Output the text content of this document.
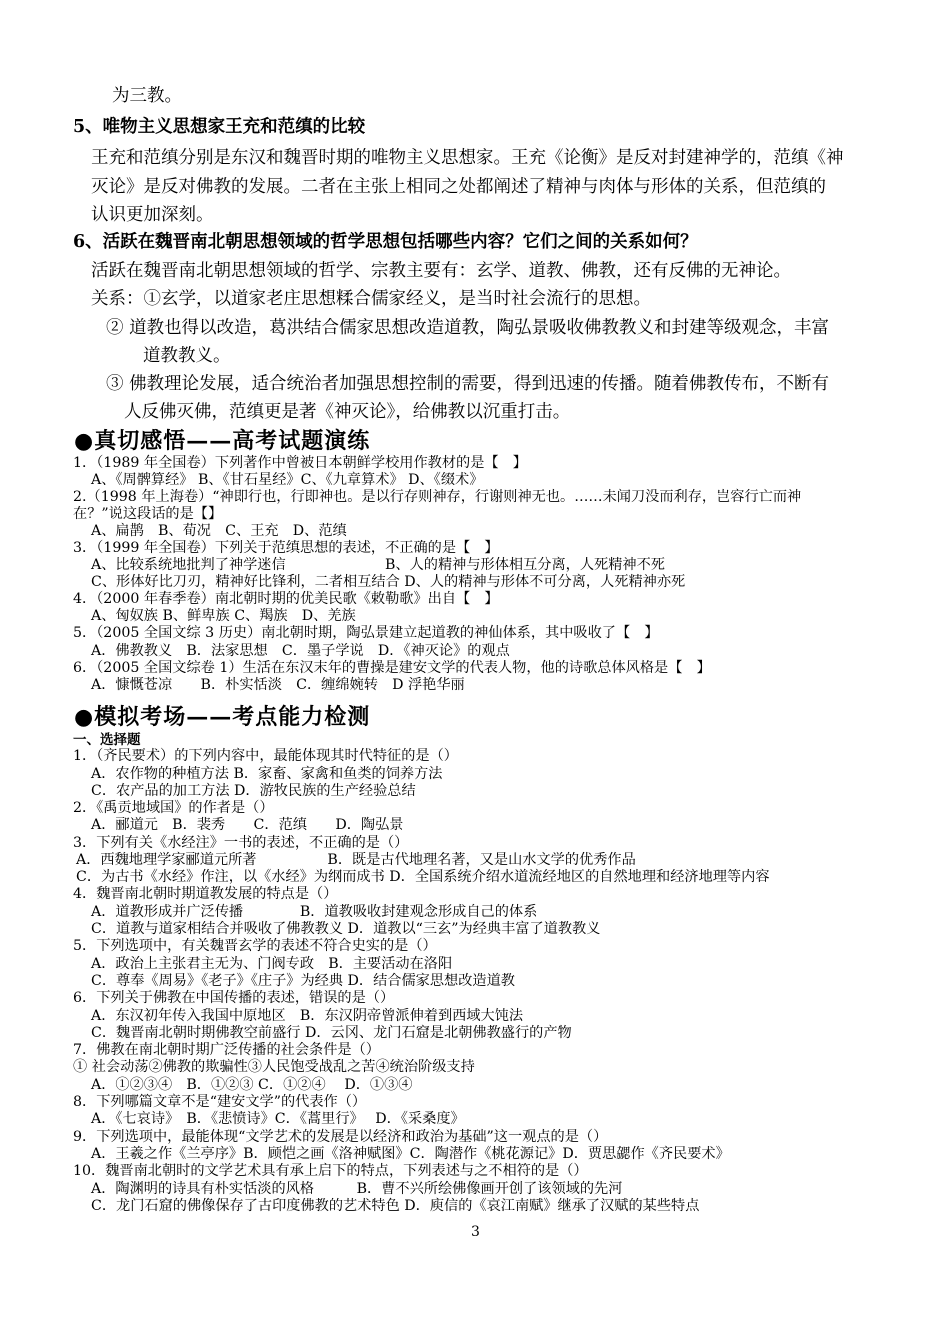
为三教。
5、唯物主义思想家王充和范缜的比较
王充和范缜分别是东汉和魏晋时期的唯物主义思想家。王充《论衡》是反对封建神学的，范缜《神
灭论》是反对佛教的发展。二者在主张上相同之处都阐述了精神与肉体与形体的关系，但范缜的
认识更加深刻。
6、活跃在魏晋南北朝思想领域的哲学思想包括哪些内容？它们之间的关系如何？
活跃在魏晋南北朝思想领域的哲学、宗教主要有：玄学、道教、佛教，还有反佛的无神论。
关系：①玄学，以道家老庄思想糅合儒家经义，是当时社会流行的思想。
② 道教也得以改造，葛洪结合儒家思想改造道教，陶弘景吸收佛教教义和封建等级观念，丰富
道教教义。
③ 佛教理论发展，适合统治者加强思想控制的需要，得到迅速的传播。随着佛教传布，不断有
人反佛灭佛，范缜更是著《神灭论》，给佛教以沉重打击。
●真切感悟——高考试题演练
1．（1989 年全国卷）下列著作中曾被日本朝鲜学校用作教材的是【　】
A、《周髀算经》 B、《甘石星经》C、《九章算术》 D、《缀术》
2.（1998 年上海卷）“神即行也，行即神也。是以行存则神存，行谢则神无也。……未闻刀没而利存，岂容行亡而神
在？”说这段话的是【】
A、扁鹊　B、荀况　C、王充　D、范缜
3．（1999 年全国卷）下列关于范缜思想的表述，不正确的是【　】
A、比较系统地批判了神学迷信　　　　　　　B、人的精神与形体相互分离，人死精神不死
C、形体好比刀刃，精神好比锋利，二者相互结合 D、人的精神与形体不可分离，人死精神亦死
4．（2000 年春季卷）南北朝时期的优美民歌《敕勒歌》出自【　】
A、匈奴族 B、鲜卑族 C、羯族　D、羌族
5．（2005 全国文综 3 历史）南北朝时期，陶弘景建立起道教的神仙体系，其中吸收了【　】
A．佛教教义　B．法家思想　C．墨子学说　D．《神灭论》的观点
6．（2005 全国文综卷 1）生活在东汉末年的曹操是建安文学的代表人物，他的诗歌总体风格是【　】
A．慷慨苍凉　　B．朴实恬淡　C．缠绵婉转　D 浮艳华丽
●模拟考场——考点能力检测
一、选择题
1．（齐民要术）的下列内容中，最能体现其时代特征的是（）
A．农作物的种植方法 B．家畜、家禽和鱼类的饲养方法
C．农产品的加工方法 D．游牧民族的生产经验总结
2．《禹贡地域国》的作者是（）
A．郦道元　B．裴秀　　C．范缜　　D．陶弘景
3．下列有关《水经注》一书的表述，不正确的是（）
A．西魏地理学家郦道元所著　　　　　B．既是古代地理名著，又是山水文学的优秀作品
C．为古书《水经》作注，以《水经》为纲而成书 D．全国系统介绍水道流经地区的自然地理和经济地理等内容
4．魏晋南北朝时期道教发展的特点是（）
A．道教形成并广泛传播　　　　B．道教吸收封建观念形成自己的体系
C．道教与道家相结合并吸收了佛教教义 D．道教以“三玄”为经典丰富了道教教义
5．下列选项中，有关魏晋玄学的表述不符合史实的是（）
A．政治上主张君主无为、门阀专政　B．主要活动在洛阳
C．尊奉《周易》《老子》《庄子》为经典 D．结合儒家思想改造道教
6．下列关于佛教在中国传播的表述，错误的是（）
A．东汉初年传入我国中原地区　B．东汉阴帝曾派伸着到西域大饨法
C．魏晋南北朝时期佛教空前盛行 D．云冈、龙门石窟是北朝佛教盛行的产物
7．佛教在南北朝时期广泛传播的社会条件是（）
① 社会动荡②佛教的欺骗性③人民饱受战乱之苦④统治阶级支持
A．①②③④　B．①②③ C．①②④　 D．①③④
8．下列哪篇文章不是“建安文学”的代表作（）
A．《七哀诗》　B．《悲愤诗》C．《蒿里行》　 D．《采桑度》
9．下列选项中，最能体现“文学艺术的发展是以经济和政治为基础”这一观点的是（）
A．王羲之作《兰亭序》B．顾恺之画《洛神赋图》C．陶潜作《桃花源记》D．贾思勰作《齐民要术》
10．魏晋南北朝时的文学艺术具有承上启下的特点，下列表述与之不相符的是（）
A．陶渊明的诗具有朴实恬淡的风格　　　B．曹不兴所绘佛像画开创了该领域的先河
C．龙门石窟的佛像保存了古印度佛教的艺术特色 D．庾信的《哀江南赋》继承了汉赋的某些特点
3
